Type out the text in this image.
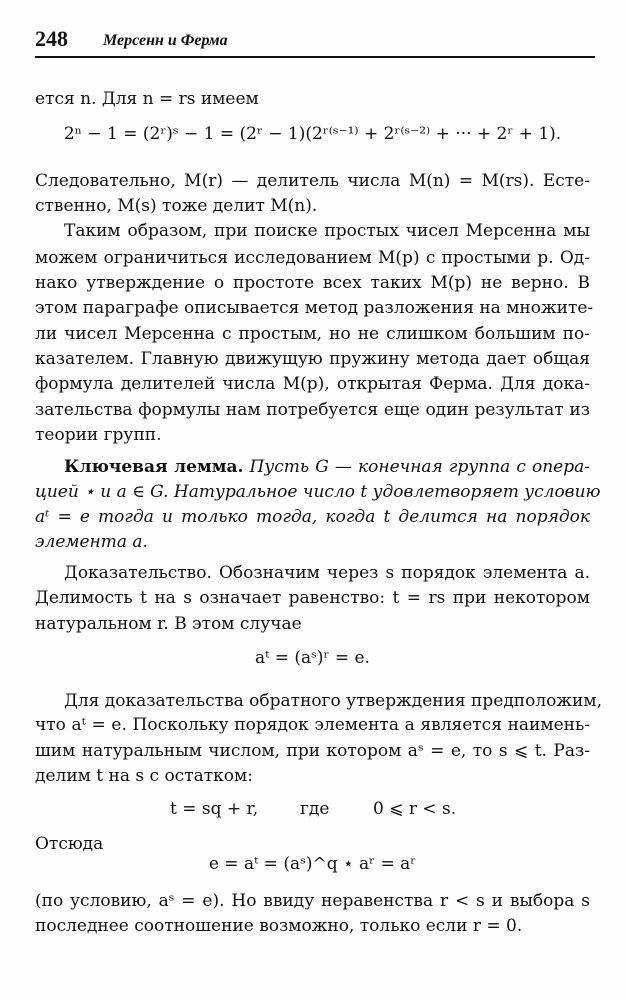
248 Мерсенн и Ферма
ется n. Для n = rs имеем
2ⁿ − 1 = (2ʳ)ˢ − 1 = (2ʳ − 1)(2ʳ⁽ˢ⁻¹⁾ + 2ʳ⁽ˢ⁻²⁾ + ··· + 2ʳ + 1).
Следовательно, M(r) — делитель числа M(n) = M(rs). Есте-
ственно, M(s) тоже делит M(n).
Таким образом, при поиске простых чисел Мерсенна мы
можем ограничиться исследованием M(p) с простыми p. Од-
нако утверждение о простоте всех таких M(p) не верно. В
этом параграфе описывается метод разложения на множите-
ли чисел Мерсенна с простым, но не слишком большим по-
казателем. Главную движущую пружину метода дает общая
формула делителей числа M(p), открытая Ферма. Для дока-
зательства формулы нам потребуется еще один результат из
теории групп.
Ключевая лемма. Пусть G — конечная группа с опера-
цией ⋆ и a ∈ G. Натуральное число t удовлетворяет условию
aᵗ = e тогда и только тогда, когда t делится на порядок
элемента a.
Доказательство. Обозначим через s порядок элемента a.
Делимость t на s означает равенство: t = rs при некотором
натуральном r. В этом случае
aᵗ = (aˢ)ʳ = e.
Для доказательства обратного утверждения предположим,
что aᵗ = e. Поскольку порядок элемента a является наимень-
шим натуральным числом, при котором aˢ = e, то s ⩽ t. Раз-
делим t на s с остатком:
t = sq + r,	где	0 ⩽ r < s.
Отсюда
e = aᵗ = (aˢ)^q ⋆ aʳ = aʳ
(по условию, aˢ = e). Но ввиду неравенства r < s и выбора s
последнее соотношение возможно, только если r = 0.
